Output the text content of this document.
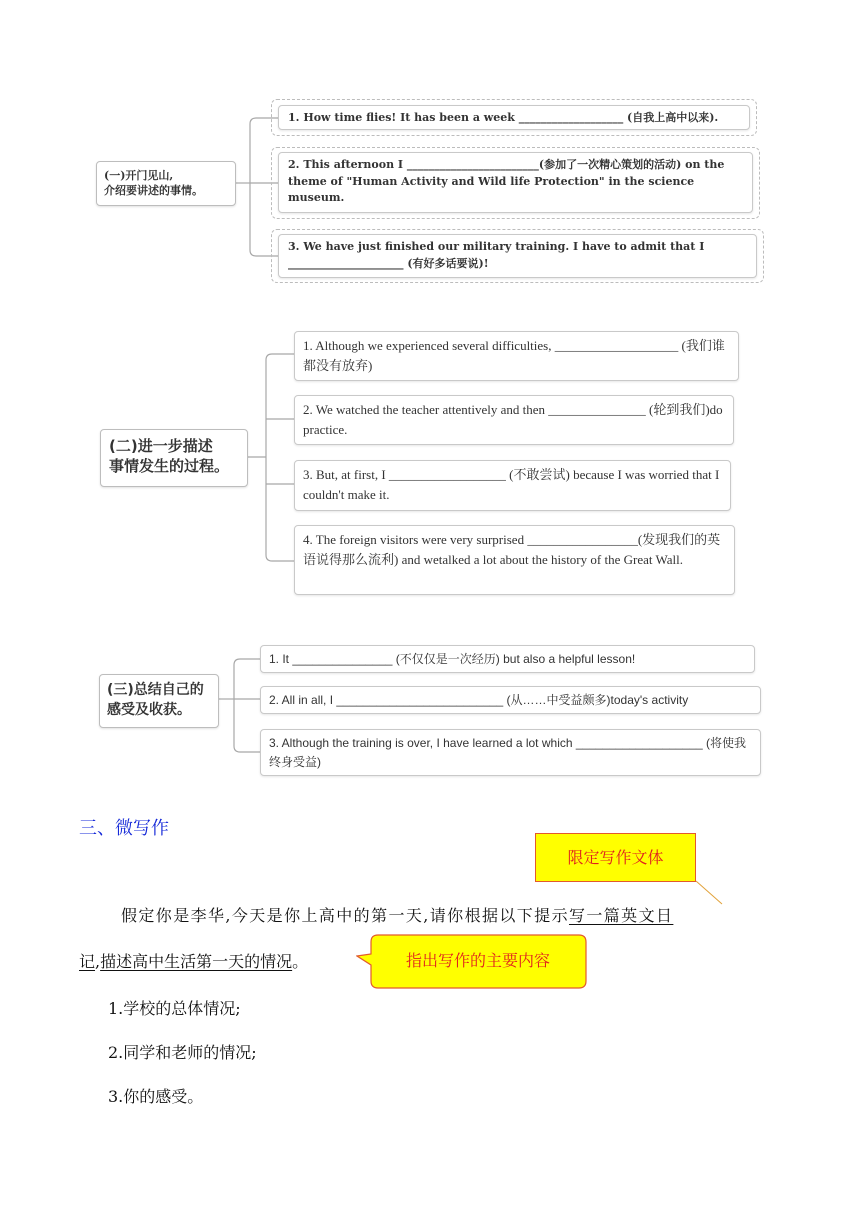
(一)开门见山,
介绍要讲述的事情。
1. How time flies! It has been a week ___________________ (自我上高中以来).
2. This afternoon I ________________________(参加了一次精心策划的活动) on the theme of "Human Activity and Wild life Protection" in the science museum.
3. We have just finished our military training. I have to admit that I _____________________ (有好多话要说)!
(二)进一步描述
事情发生的过程。
1. Although we experienced several difficulties, ___________________ (我们谁都没有放弃)
2. We watched the teacher attentively and then _______________ (轮到我们)do practice.
3. But, at first, I __________________ (不敢尝试) because I was worried that I couldn't make it.
4. The foreign visitors were very surprised _________________(发现我们的英语说得那么流利) and wetalked a lot about the history of the Great Wall.
(三)总结自己的
感受及收获。
1. It _______________ (不仅仅是一次经历) but also a helpful lesson!
2. All in all, I _________________________ (从……中受益颇多)today's activity
3. Although the training is over, I have learned a lot which ___________________ (将使我终身受益)
三、微写作
限定写作文体
假定你是李华,今天是你上高中的第一天,请你根据以下提示写一篇英文日
记,描述高中生活第一天的情况。	指出写作的主要内容
1.学校的总体情况;
2.同学和老师的情况;
3.你的感受。
